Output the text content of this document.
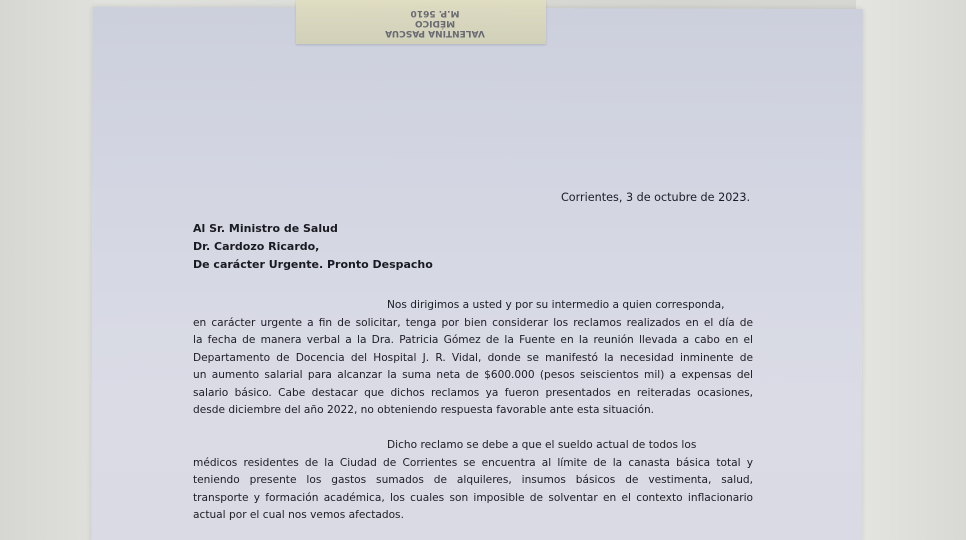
VALENTINA PASCUA
MÉDICO
M.P. 5610
Corrientes, 3 de octubre de 2023.
Al Sr. Ministro de Salud
Dr. Cardozo Ricardo,
De carácter Urgente. Pronto Despacho
Nos dirigimos a usted y por su intermedio a quien corresponda,
en carácter urgente a fin de solicitar, tenga por bien considerar los reclamos realizados en el día de
la fecha de manera verbal a la Dra. Patricia Gómez de la Fuente en la reunión llevada a cabo en el
Departamento de Docencia del Hospital J. R. Vidal, donde se manifestó la necesidad inminente de
un aumento salarial para alcanzar la suma neta de $600.000 (pesos seiscientos mil) a expensas del
salario básico. Cabe destacar que dichos reclamos ya fueron presentados en reiteradas ocasiones,
desde diciembre del año 2022, no obteniendo respuesta favorable ante esta situación.
Dicho reclamo se debe a que el sueldo actual de todos los
médicos residentes de la Ciudad de Corrientes se encuentra al límite de la canasta básica total y
teniendo presente los gastos sumados de alquileres, insumos básicos de vestimenta, salud,
transporte y formación académica, los cuales son imposible de solventar en el contexto inflacionario
actual por el cual nos vemos afectados.
